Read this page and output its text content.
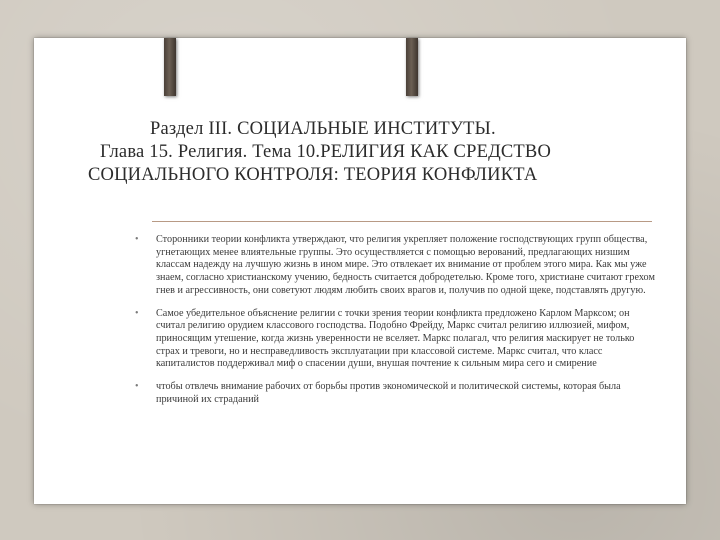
Раздел III. СОЦИАЛЬНЫЕ ИНСТИТУТЫ.
Глава 15. Религия. Тема 10.РЕЛИГИЯ КАК СРЕДСТВО
СОЦИАЛЬНОГО КОНТРОЛЯ: ТЕОРИЯ КОНФЛИКТА
• Сторонники теории конфликта утверждают, что религия укрепляет положение господствующих групп общества, угнетающих менее влиятельные группы. Это осуществляется с помощью верований, предлагающих низшим классам надежду на лучшую жизнь в ином мире. Это отвлекает их внимание от проблем этого мира. Как мы уже знаем, согласно христианскому учению, бедность считается добродетелью. Кроме того, христиане считают грехом гнев и агрессивность, они советуют людям любить своих врагов и, получив по одной щеке, подставлять другую.
• Самое убедительное объяснение религии с точки зрения теории конфликта предложено Карлом Марксом; он считал религию орудием классового господства. Подобно Фрейду, Маркс считал религию иллюзией, мифом, приносящим утешение, когда жизнь уверенности не вселяет. Маркс полагал, что религия маскирует не только страх и тревоги, но и несправедливость эксплуатации при классовой системе. Маркс считал, что класс капиталистов поддерживал миф о спасении души, внушая почтение к сильным мира сего и смирение
• чтобы отвлечь внимание рабочих от борьбы против экономической и политической системы, которая была причиной их страданий
